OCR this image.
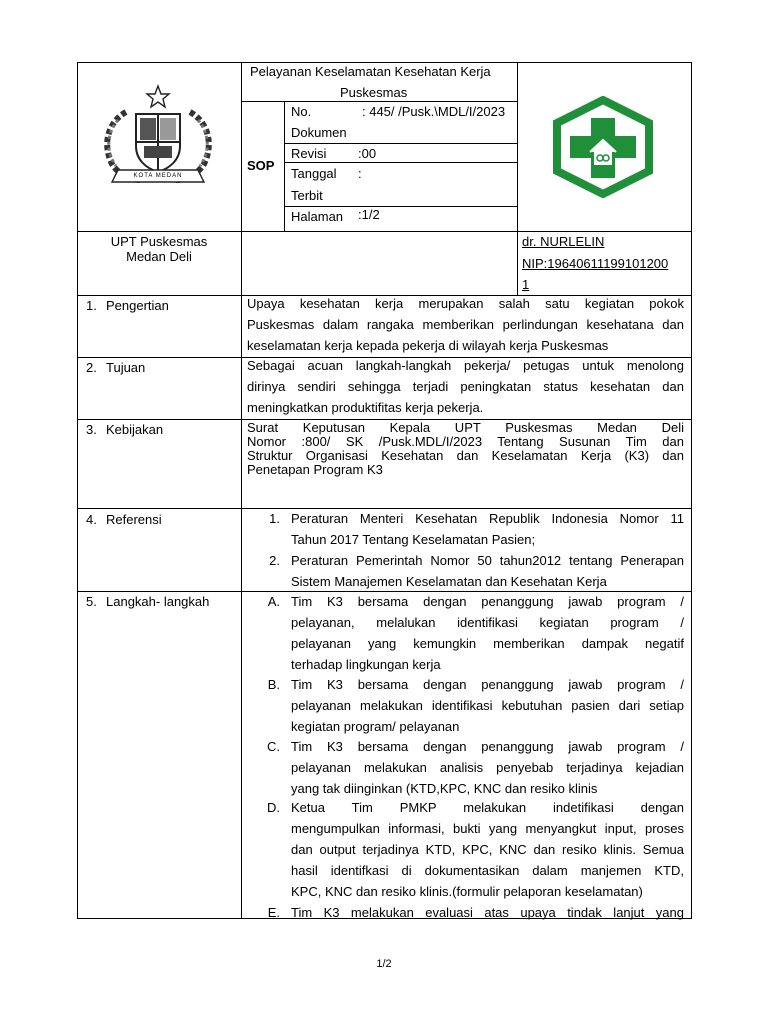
KOTA MEDAN
Pelayanan Keselamatan Kesehatan Kerja
Puskesmas
SOP
No.	: 445/ /Pusk.\MDL/I/2023
Dokumen
Revisi :00
Tanggal :
Terbit
Halaman :1/2
UPT Puskesmas
Medan Deli
dr. NURLELIN
NIP:19640611199101200
1
1. Pengertian
2. Tujuan
3. Kebijakan
4. Referensi
5. Langkah- langkah
Upaya kesehatan kerja merupakan salah satu kegiatan pokok
Puskesmas dalam rangaka memberikan perlindungan kesehatana dan
keselamatan kerja kepada pekerja di wilayah kerja Puskesmas
Sebagai acuan langkah-langkah pekerja/ petugas untuk menolong
dirinya sendiri sehingga terjadi peningkatan status kesehatan dan
meningkatkan produktifitas kerja pekerja.
Surat Keputusan Kepala UPT Puskesmas Medan Deli
Nomor :800/ SK /Pusk.MDL/I/2023 Tentang Susunan Tim dan
Struktur Organisasi Kesehatan dan Keselamatan Kerja (K3) dan
Penetapan Program K3
1. Peraturan Menteri Kesehatan Republik Indonesia Nomor 11
Tahun 2017 Tentang Keselamatan Pasien;
2. Peraturan Pemerintah Nomor 50 tahun2012 tentang Penerapan
Sistem Manajemen Keselamatan dan Kesehatan Kerja
A. Tim K3 bersama dengan penanggung jawab program /
pelayanan, melalukan identifikasi kegiatan program /
pelayanan yang kemungkin memberikan dampak negatif
terhadap lingkungan kerja
B. Tim K3 bersama dengan penanggung jawab program /
pelayanan melakukan identifikasi kebutuhan pasien dari setiap
kegiatan program/ pelayanan
C. Tim K3 bersama dengan penanggung jawab program /
pelayanan melakukan analisis penyebab terjadinya kejadian
yang tak diinginkan (KTD,KPC, KNC dan resiko klinis
D. Ketua Tim PMKP melakukan indetifikasi dengan
mengumpulkan informasi, bukti yang menyangkut input, proses
dan output terjadinya KTD, KPC, KNC dan resiko klinis. Semua
hasil identifkasi di dokumentasikan dalam manjemen KTD,
KPC, KNC dan resiko klinis.(formulir pelaporan keselamatan)
E. Tim K3 melakukan evaluasi atas upaya tindak lanjut yang
1/2
